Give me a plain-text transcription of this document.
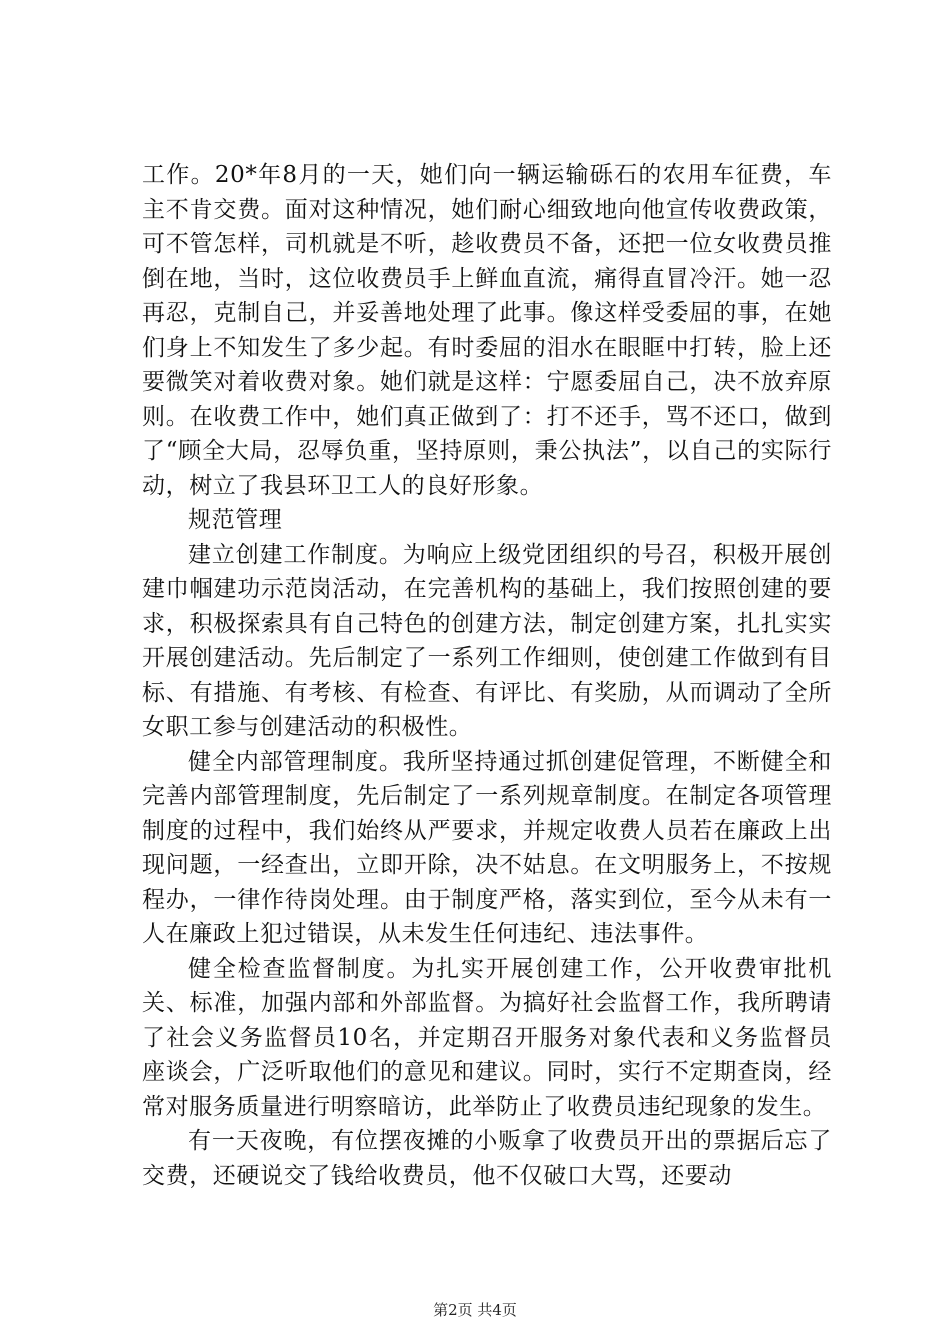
工作。20*年8月的一天，她们向一辆运输砾石的农用车征费，车主不肯交费。面对这种情况，她们耐心细致地向他宣传收费政策，可不管怎样，司机就是不听，趁收费员不备，还把一位女收费员推倒在地，当时，这位收费员手上鲜血直流，痛得直冒冷汗。她一忍再忍，克制自己，并妥善地处理了此事。像这样受委屈的事，在她们身上不知发生了多少起。有时委屈的泪水在眼眶中打转，脸上还要微笑对着收费对象。她们就是这样：宁愿委屈自己，决不放弃原则。在收费工作中，她们真正做到了：打不还手，骂不还口，做到了“顾全大局，忍辱负重，坚持原则，秉公执法”，以自己的实际行动，树立了我县环卫工人的良好形象。

规范管理

建立创建工作制度。为响应上级党团组织的号召，积极开展创建巾帼建功示范岗活动，在完善机构的基础上，我们按照创建的要求，积极探索具有自己特色的创建方法，制定创建方案，扎扎实实开展创建活动。先后制定了一系列工作细则，使创建工作做到有目标、有措施、有考核、有检查、有评比、有奖励，从而调动了全所女职工参与创建活动的积极性。

健全内部管理制度。我所坚持通过抓创建促管理，不断健全和完善内部管理制度，先后制定了一系列规章制度。在制定各项管理制度的过程中，我们始终从严要求，并规定收费人员若在廉政上出现问题，一经查出，立即开除，决不姑息。在文明服务上，不按规程办，一律作待岗处理。由于制度严格，落实到位，至今从未有一人在廉政上犯过错误，从未发生任何违纪、违法事件。

健全检查监督制度。为扎实开展创建工作，公开收费审批机关、标准，加强内部和外部监督。为搞好社会监督工作，我所聘请了社会义务监督员10名，并定期召开服务对象代表和义务监督员座谈会，广泛听取他们的意见和建议。同时，实行不定期查岗，经常对服务质量进行明察暗访，此举防止了收费员违纪现象的发生。

有一天夜晚，有位摆夜摊的小贩拿了收费员开出的票据后忘了交费，还硬说交了钱给收费员，他不仅破口大骂，还要动

第2页 共4页
